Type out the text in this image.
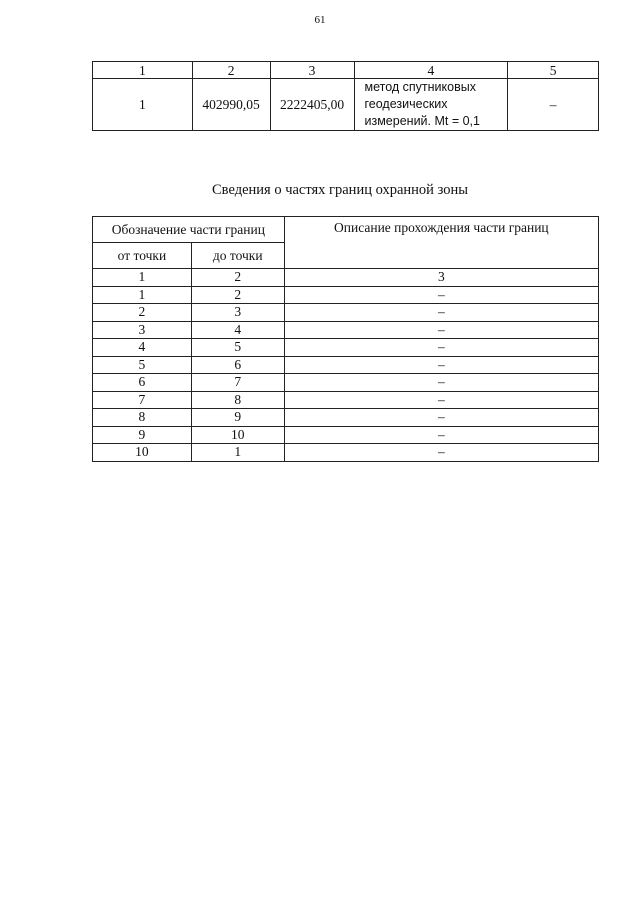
61
1	2	3	4	5
1	402990,05	2222405,00	метод спутниковых
геодезических
измерений. Mt = 0,1	–
Сведения о частях границ охранной зоны
Обозначение части границ		Описание прохождения части границ
от точки	до точки	
1	2	3
1	2	–
2	3	–
3	4	–
4	5	–
5	6	–
6	7	–
7	8	–
8	9	–
9	10	–
10	1	–
